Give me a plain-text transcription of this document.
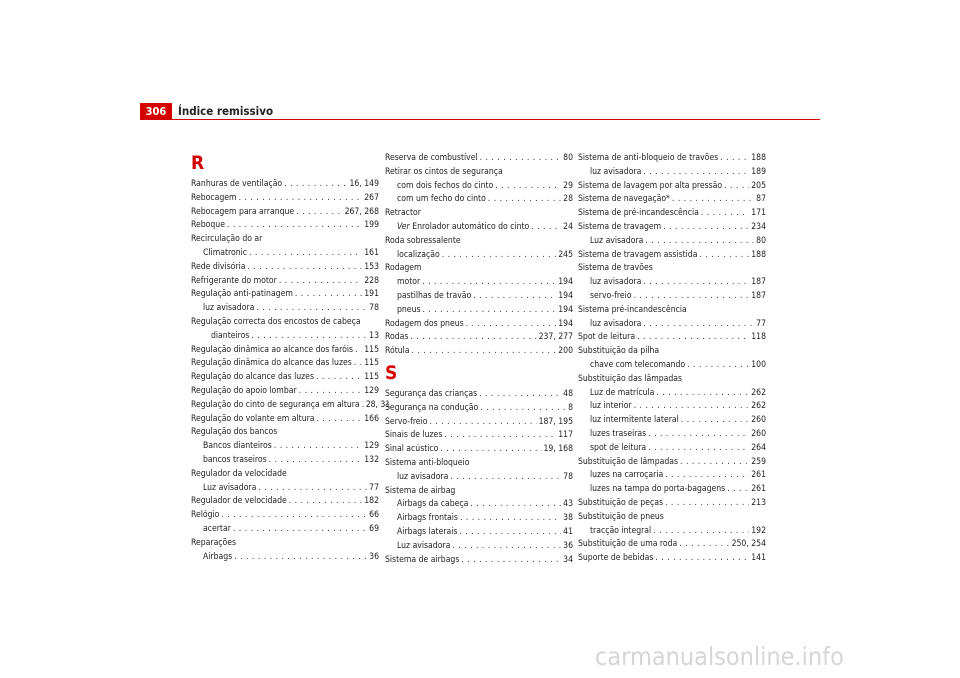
306	Índice remissivo
R
Ranhuras de ventilação . . .	16, 149
Rebocagem . . .	267
Rebocagem para arranque . . .	267, 268
Reboque . . .	199
Recirculação do ar
Climatronic . . .	161
Rede divisória . . .	153
Refrigerante do motor . . .	228
Regulação anti-patinagem . . .	191
luz avisadora . . .	78
Regulação correcta dos encostos de cabeça
dianteiros . . .	13
Regulação dinâmica ao alcance dos faróis . . . 115
Regulação dinâmica do alcance das luzes . . . 115
Regulação do alcance das luzes . . .	115
Regulação do apoio lombar . . .	129
Regulação do cinto de segurança em altura . . . 28, 31
Regulação do volante em altura . . .	166
Regulação dos bancos
Bancos dianteiros . . .	129
bancos traseiros . . .	132
Regulador da velocidade
Luz avisadora . . .	77
Regulador de velocidade . . .	182
Relógio . . .	66
acertar . . .	69
Reparações
Airbags . . .	36
Reserva de combustível . . .	80
Retirar os cintos de segurança
com dois fechos do cinto . . .	29
com um fecho do cinto . . .	28
Retractor
Ver Enrolador automático do cinto . . .	24
Roda sobressalente
localização . . .	245
Rodagem
motor . . .	194
pastilhas de travão . . .	194
pneus . . .	194
Rodagem dos pneus . . .	194
Rodas . . .	237, 277
Rótula . . .	200
S
Segurança das crianças . . .	48
Segurança na condução . . .	8
Servo-freio . . .	187, 195
Sinais de luzes . . .	117
Sinal acústico . . .	19, 168
Sistema anti-bloqueio
luz avisadora . . .	78
Sistema de airbag
Airbags da cabeça . . .	43
Airbags frontais . . .	38
Airbags laterais . . .	41
Luz avisadora . . .	36
Sistema de airbags . . .	34
Sistema de anti-bloqueio de travões . . .	188
luz avisadora . . .	189
Sistema de lavagem por alta pressão . . .	205
Sistema de navegação* . . .	87
Sistema de pré-incandescência . . .	171
Sistema de travagem . . .	234
Luz avisadora . . .	80
Sistema de travagem assistida . . .	188
Sistema de travões
luz avisadora . . .	187
servo-freio . . .	187
Sistema pré-incandescência
luz avisadora . . .	77
Spot de leitura . . .	118
Substituição da pilha
chave com telecomando . . .	100
Substituição das lâmpadas
Luz de matrícula . . .	262
luz interior . . .	262
luz intermitente lateral . . .	260
luzes traseiras . . .	260
spot de leitura . . .	264
Substituição de lâmpadas . . .	259
luzes na carroçaria . . .	261
luzes na tampa do porta-bagagens . . .	261
Substituição de peças . . .	213
Substituição de pneus
tracção integral . . .	192
Substituição de uma roda . . .	250, 254
Suporte de bebidas . . .	141
carmanualsonline.info
